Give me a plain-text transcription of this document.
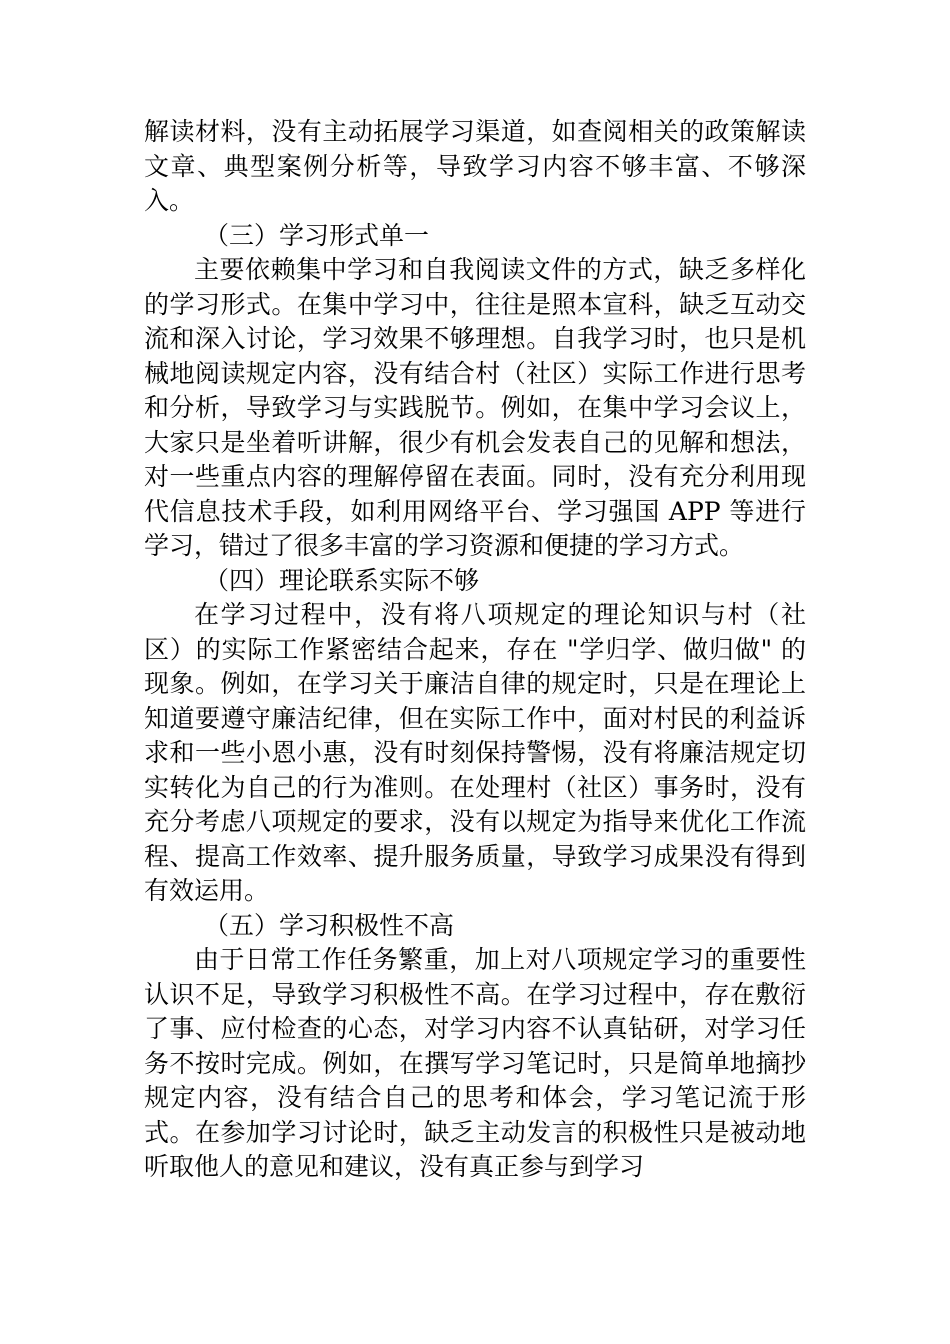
解读材料，没有主动拓展学习渠道，如查阅相关的政策解读文章、典型案例分析等，导致学习内容不够丰富、不够深入。

（三）学习形式单一

主要依赖集中学习和自我阅读文件的方式，缺乏多样化的学习形式。在集中学习中，往往是照本宣科，缺乏互动交流和深入讨论，学习效果不够理想。自我学习时，也只是机械地阅读规定内容，没有结合村（社区）实际工作进行思考和分析，导致学习与实践脱节。例如，在集中学习会议上，大家只是坐着听讲解，很少有机会发表自己的见解和想法，对一些重点内容的理解停留在表面。同时，没有充分利用现代信息技术手段，如利用网络平台、学习强国 APP 等进行学习，错过了很多丰富的学习资源和便捷的学习方式。

（四）理论联系实际不够

在学习过程中，没有将八项规定的理论知识与村（社区）的实际工作紧密结合起来，存在 "学归学、做归做" 的现象。例如，在学习关于廉洁自律的规定时，只是在理论上知道要遵守廉洁纪律，但在实际工作中，面对村民的利益诉求和一些小恩小惠，没有时刻保持警惕，没有将廉洁规定切实转化为自己的行为准则。在处理村（社区）事务时，没有充分考虑八项规定的要求，没有以规定为指导来优化工作流程、提高工作效率、提升服务质量，导致学习成果没有得到有效运用。

（五）学习积极性不高

由于日常工作任务繁重，加上对八项规定学习的重要性认识不足，导致学习积极性不高。在学习过程中，存在敷衍了事、应付检查的心态，对学习内容不认真钻研，对学习任务不按时完成。例如，在撰写学习笔记时，只是简单地摘抄规定内容，没有结合自己的思考和体会，学习笔记流于形式。在参加学习讨论时，缺乏主动发言的积极性只是被动地听取他人的意见和建议，没有真正参与到学习
